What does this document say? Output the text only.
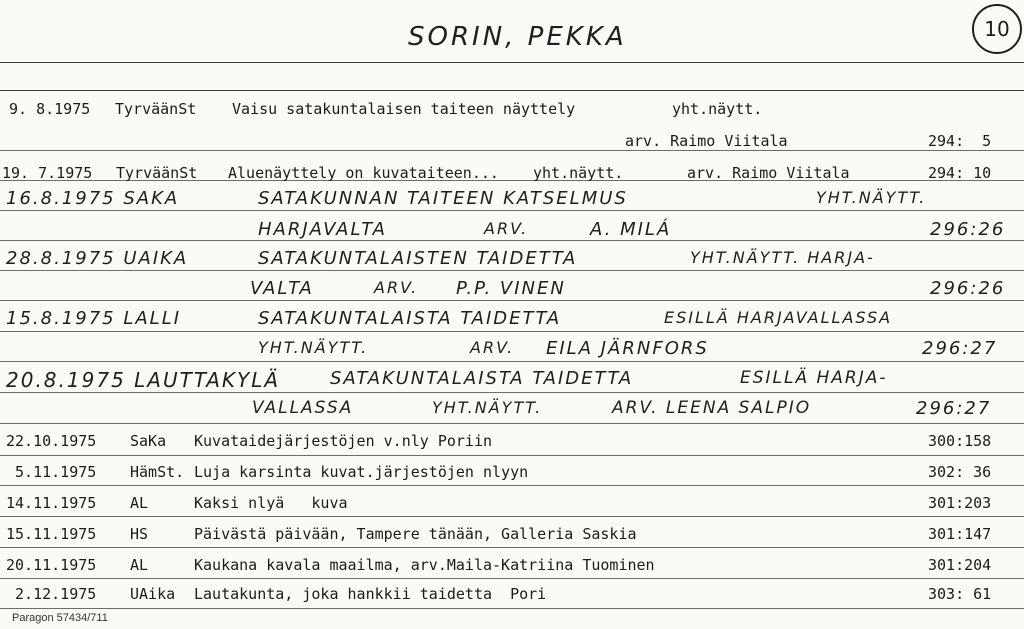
SORIN, PEKKA	10
9. 8.1975 TyrväänSt Vaisu satakuntalaisen taiteen näyttely	yht.näytt.
arv. Raimo Viitala	294:  5
19. 7.1975 TyrväänSt Aluenäyttely on kuvataiteen... yht.näytt.	arv. Raimo Viitala	294: 10
16.8.1975 SAKA	SATAKUNNAN TAITEEN KATSELMUS	YHT.NÄYTT.
HARJAVALTA	ARV.	A. MILÁ	296:26
28.8.1975 UAIKA	SATAKUNTALAISTEN TAIDETTA	YHT.NÄYTT. HARJA-
VALTA	ARV. P.P. VINEN	296:26
15.8.1975 LALLI	SATAKUNTALAISTA TAIDETTA	ESILLÄ HARJAVALLASSA
YHT.NÄYTT.	ARV. EILA JÄRNFORS	296:27
20.8.1975 LAUTTAKYLÄ	SATAKUNTALAISTA TAIDETTA	ESILLÄ HARJA-
VALLASSA	YHT.NÄYTT.	ARV. LEENA SALPIO	296:27
22.10.1975 SaKa Kuvataidejärjestöjen v.nly Poriin	300:158
5.11.1975 HämSt. Luja karsinta kuvat.järjestöjen nlyyn	302: 36
14.11.1975 AL	Kaksi nlyä   kuva	301:203
15.11.1975 HS	Päivästä päivään, Tampere tänään, Galleria Saskia	301:147
20.11.1975 AL	Kaukana kavala maailma, arv.Maila-Katriina Tuominen	301:204
2.12.1975 UAika Lautakunta, joka hankkii taidetta  Pori	303: 61
Paragon 57434/711
